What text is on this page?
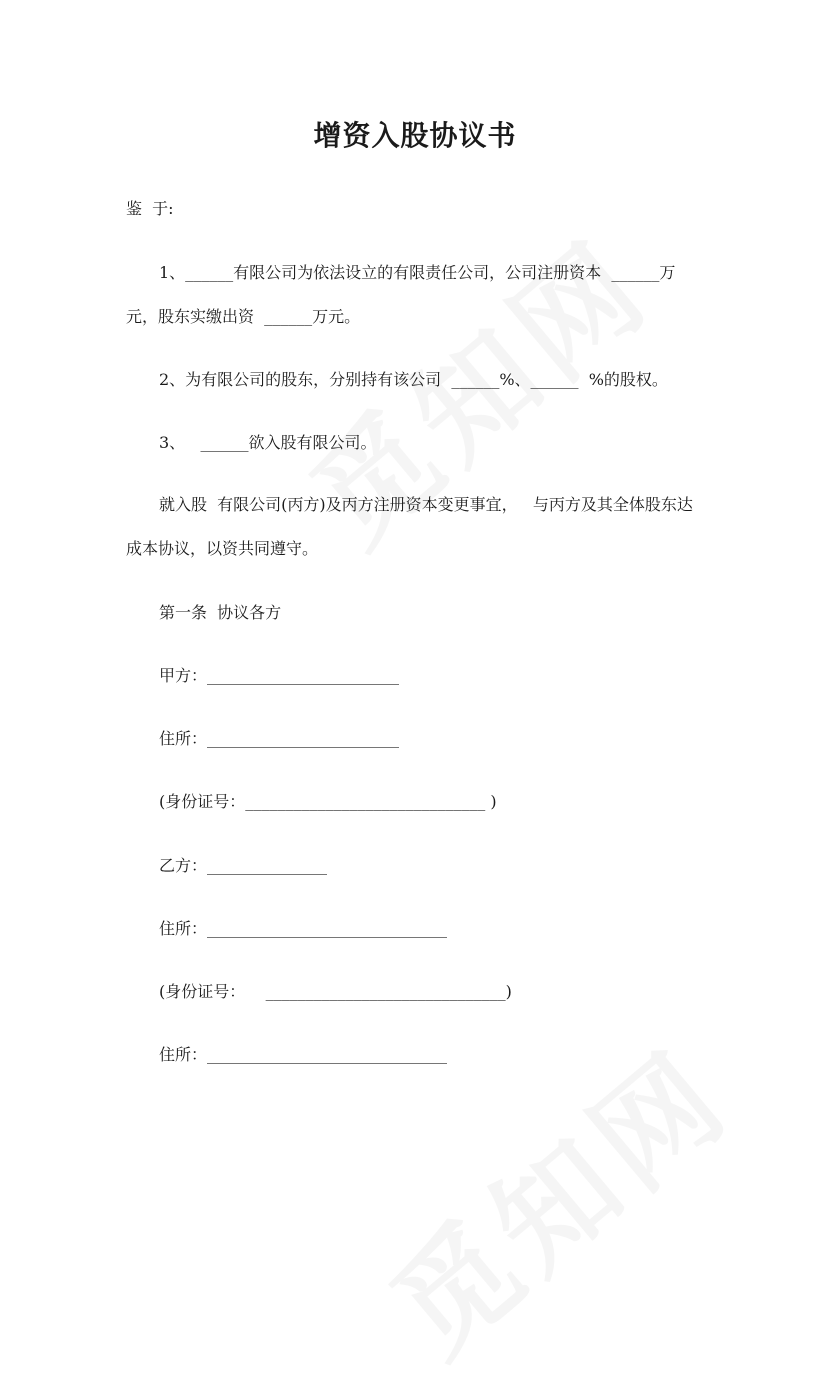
增资入股协议书
鉴  于:
1、______有限公司为依法设立的有限责任公司，公司注册资本  ______万
元，股东实缴出资  ______万元。
2、为有限公司的股东，分别持有该公司  ______%、______  %的股权。
3、   ______欲入股有限公司。
就入股  有限公司(丙方)及丙方注册资本变更事宜，   与丙方及其全体股东达
成本协议，以资共同遵守。
第一条  协议各方
甲方：________________________
住所：________________________
(身份证号：______________________________ )
乙方：_______________
住所：______________________________
(身份证号：    ______________________________)
住所：______________________________
